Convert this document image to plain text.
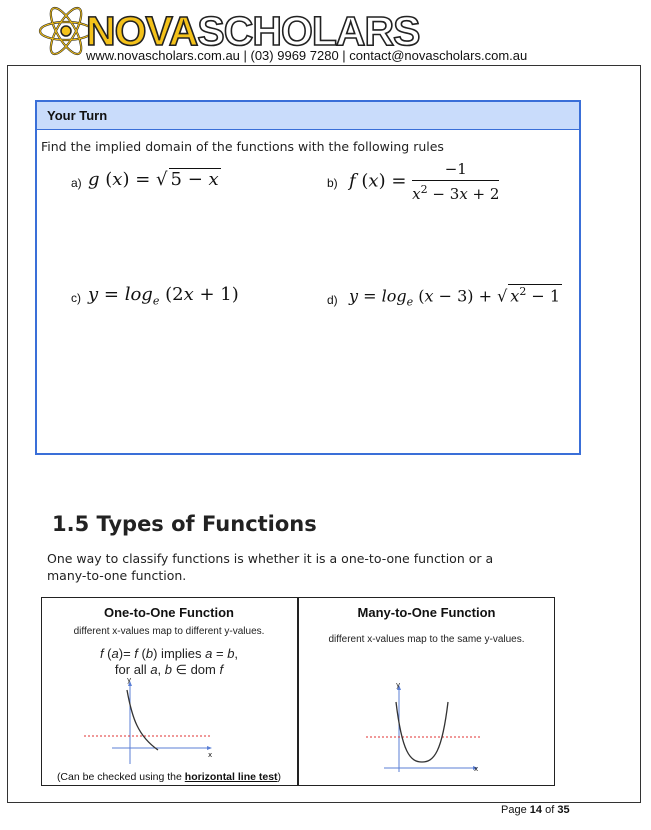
NOVASCHOLARS
www.novascholars.com.au | (03) 9969 7280 | contact@novascholars.com.au
Your Turn
Find the implied domain of the functions with the following rules
a) g (x) = √ 5 − x	b) f $(x) = \frac{-1}{x^2 - 3x + 2}$
c) $y = \log_e (2x + 1)$	d) $y = \log_e (x - 3)$ + √ $x^2 - 1$
1.5 Types of Functions
One way to classify functions is whether it is a one-to-one function or a many-to-one function.
One-to-One Function
different x-values map to different y-values.
f (a)= f (b) implies a = b,
for all a, b ∈ dom f
y
x
Many-to-One Function
different x-values map to the same y-values.
y
x
(Can be checked using the horizontal line test)
Page 14 of 35
